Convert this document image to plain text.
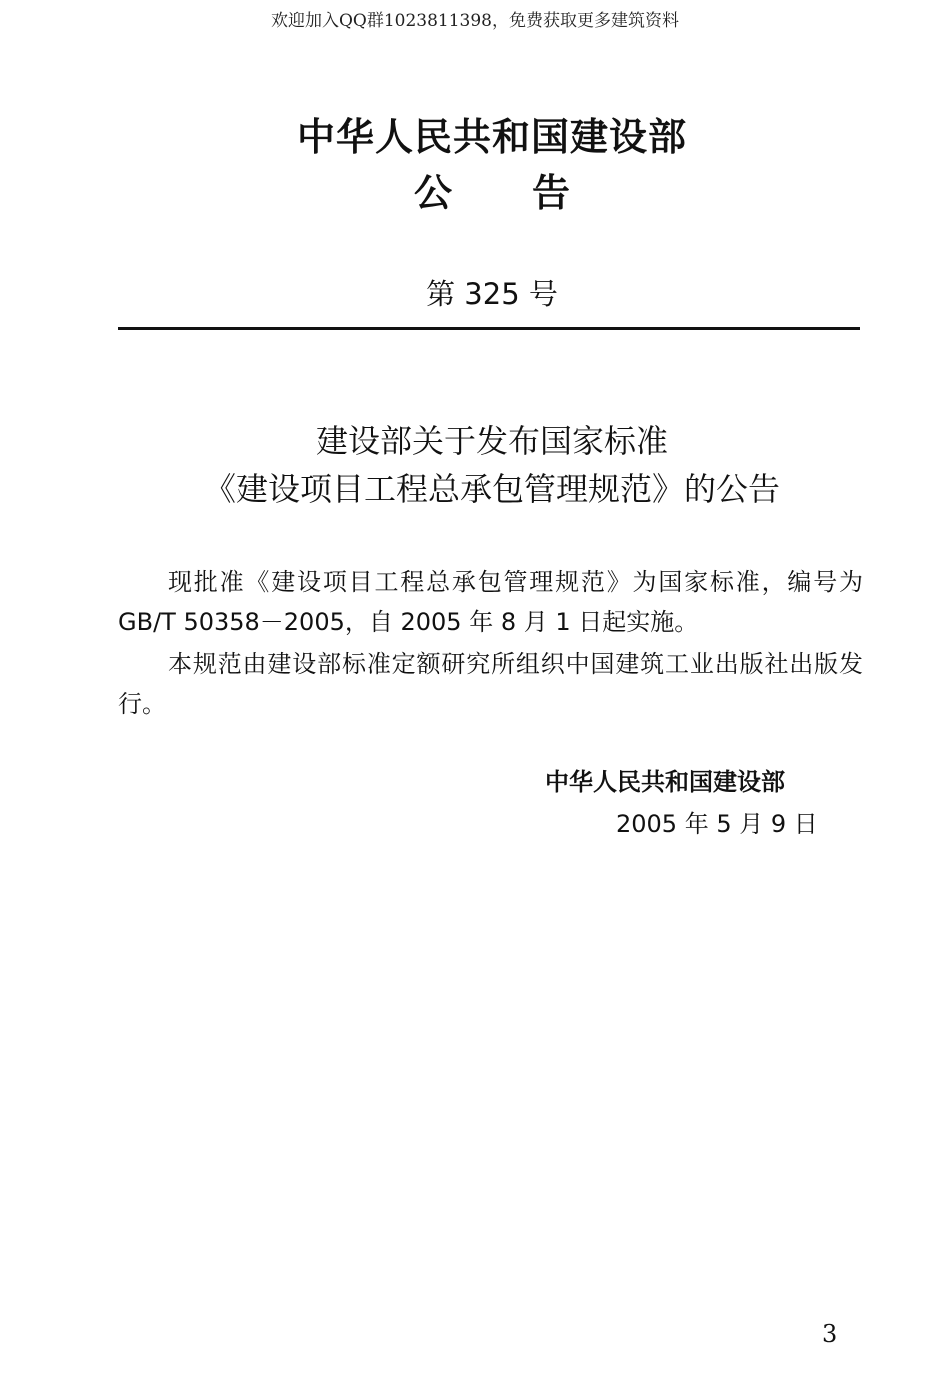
欢迎加入QQ群1023811398，免费获取更多建筑资料
中华人民共和国建设部
公告
第 325 号
建设部关于发布国家标准
《建设项目工程总承包管理规范》的公告
现批准《建设项目工程总承包管理规范》为国家标准，编号为GB/T 50358－2005，自 2005 年 8 月 1 日起实施。
本规范由建设部标准定额研究所组织中国建筑工业出版社出版发行。
中华人民共和国建设部
2005 年 5 月 9 日
3
